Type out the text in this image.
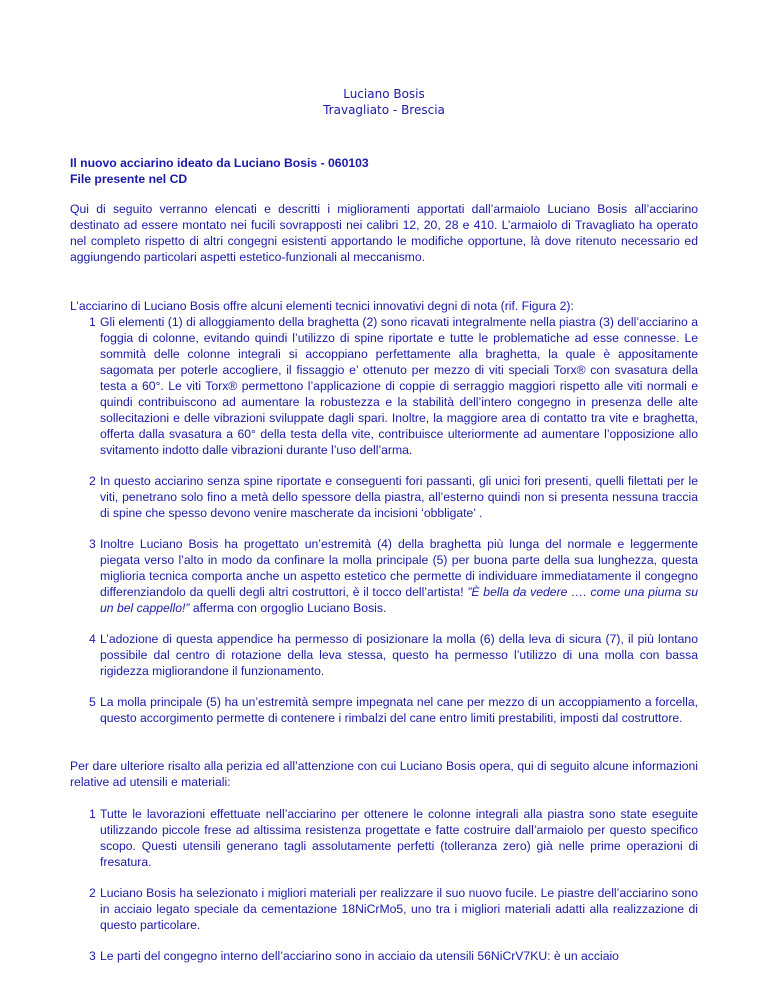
Luciano Bosis
Travagliato - Brescia
Il nuovo acciarino ideato da Luciano Bosis - 060103
File presente nel CD

Qui di seguito verranno elencati e descritti i miglioramenti apportati dall’armaiolo Luciano Bosis all’acciarino destinato ad essere montato nei fucili sovrapposti nei calibri 12, 20, 28 e 410. L’armaiolo di Travagliato ha operato nel completo rispetto di altri congegni esistenti apportando le modifiche opportune, là dove ritenuto necessario ed aggiungendo particolari aspetti estetico-funzionali al meccanismo.

L’acciarino di Luciano Bosis offre alcuni elementi tecnici innovativi degni di nota (rif. Figura 2):

1 Gli elementi (1) di alloggiamento della braghetta (2) sono ricavati integralmente nella piastra (3) dell’acciarino a foggia di colonne, evitando quindi l’utilizzo di spine riportate e tutte le problematiche ad esse connesse. Le sommità delle colonne integrali si accoppiano perfettamente alla braghetta, la quale è appositamente sagomata per poterle accogliere, il fissaggio e’ ottenuto per mezzo di viti speciali Torx® con svasatura della testa a 60°. Le viti Torx® permettono l’applicazione di coppie di serraggio maggiori rispetto alle viti normali e quindi contribuiscono ad aumentare la robustezza e la stabilità dell’intero congegno in presenza delle alte sollecitazioni e delle vibrazioni sviluppate dagli spari. Inoltre, la maggiore area di contatto tra vite e braghetta, offerta dalla svasatura a 60° della testa della vite, contribuisce ulteriormente ad aumentare l’opposizione allo svitamento indotto dalle vibrazioni durante l’uso dell’arma.
2 In questo acciarino senza spine riportate e conseguenti fori passanti, gli unici fori presenti, quelli filettati per le viti, penetrano solo fino a metà dello spessore della piastra, all’esterno quindi non si presenta nessuna traccia di spine che spesso devono venire mascherate da incisioni ‘obbligate’ .
3 Inoltre Luciano Bosis ha progettato un’estremità (4) della braghetta più lunga del normale e leggermente piegata verso l’alto in modo da confinare la molla principale (5) per buona parte della sua lunghezza, questa miglioria tecnica comporta anche un aspetto estetico che permette di individuare immediatamente il congegno differenziandolo da quelli degli altri costruttori, è il tocco dell’artista! ”È bella da vedere …. come una piuma su un bel cappello!” afferma con orgoglio Luciano Bosis.
4 L’adozione di questa appendice ha permesso di posizionare la molla (6) della leva di sicura (7), il più lontano possibile dal centro di rotazione della leva stessa, questo ha permesso l’utilizzo di una molla con bassa rigidezza migliorandone il funzionamento.
5 La molla principale (5) ha un’estremità sempre impegnata nel cane per mezzo di un accoppiamento a forcella, questo accorgimento permette di contenere i rimbalzi del cane entro limiti prestabiliti, imposti dal costruttore.

Per dare ulteriore risalto alla perizia ed all’attenzione con cui Luciano Bosis opera, qui di seguito alcune informazioni relative ad utensili e materiali:

1 Tutte le lavorazioni effettuate nell’acciarino per ottenere le colonne integrali alla piastra sono state eseguite utilizzando piccole frese ad altissima resistenza progettate e fatte costruire dall’armaiolo per questo specifico scopo. Questi utensili generano tagli assolutamente perfetti (tolleranza zero) già nelle prime operazioni di fresatura.
2 Luciano Bosis ha selezionato i migliori materiali per realizzare il suo nuovo fucile. Le piastre dell’acciarino sono in acciaio legato speciale da cementazione 18NiCrMo5, uno tra i migliori materiali adatti alla realizzazione di questo particolare.
3 Le parti del congegno interno dell’acciarino sono in acciaio da utensili 56NiCrV7KU: è un acciaio
